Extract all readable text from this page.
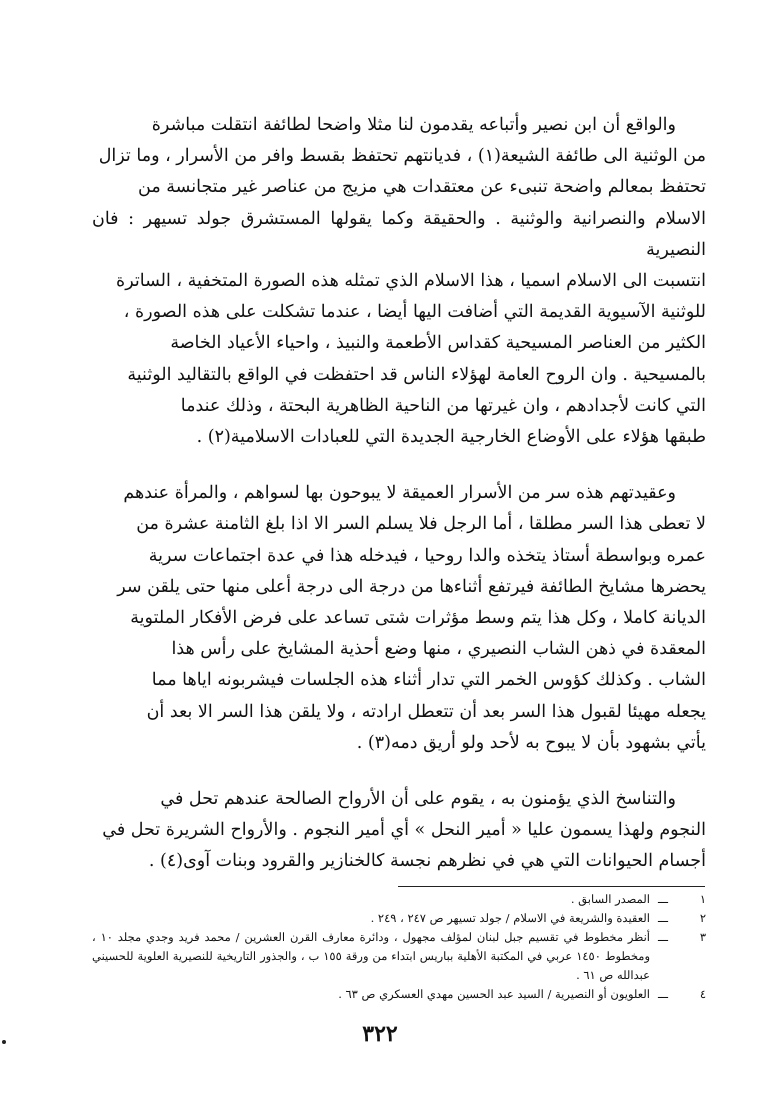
والواقع أن ابن نصير وأتباعه يقدمون لنا مثلا واضحا لطائفة انتقلت مباشرة

من الوثنية الى طائفة الشيعة(١) ، فديانتهم تحتفظ بقسط وافر من الأسرار ، وما تزال

تحتفظ بمعالم واضحة تنبىء عن معتقدات هي مزيج من عناصر غير متجانسة من

الاسلام والنصرانية والوثنية . والحقيقة وكما يقولها المستشرق جولد تسيهر : فان النصيرية

انتسبت الى الاسلام اسميا ، هذا الاسلام الذي تمثله هذه الصورة المتخفية ، الساترة

للوثنية الآسيوية القديمة التي أضافت اليها أيضا ، عندما تشكلت على هذه الصورة ،

الكثير من العناصر المسيحية كقداس الأطعمة والنبيذ ، واحياء الأعياد الخاصة

بالمسيحية . وان الروح العامة لهؤلاء الناس قد احتفظت في الواقع بالتقاليد الوثنية

التي كانت لأجدادهم ، وان غيرتها من الناحية الظاهرية البحتة ، وذلك عندما

طبقها هؤلاء على الأوضاع الخارجية الجديدة التي للعبادات الاسلامية(٢) .

وعقيدتهم هذه سر من الأسرار العميقة لا يبوحون بها لسواهم ، والمرأة عندهم

لا تعطى هذا السر مطلقا ، أما الرجل فلا يسلم السر الا اذا بلغ الثامنة عشرة من

عمره وبواسطة أستاذ يتخذه والدا روحيا ، فيدخله هذا في عدة اجتماعات سرية

يحضرها مشايخ الطائفة فيرتفع أثناءها من درجة الى درجة أعلى منها حتى يلقن سر

الديانة كاملا ، وكل هذا يتم وسط مؤثرات شتى تساعد على فرض الأفكار الملتوية

المعقدة في ذهن الشاب النصيري ، منها وضع أحذية المشايخ على رأس هذا

الشاب . وكذلك كؤوس الخمر التي تدار أثناء هذه الجلسات فيشربونه اياها مما

يجعله مهيئا لقبول هذا السر بعد أن تتعطل ارادته ، ولا يلقن هذا السر الا بعد أن

يأتي بشهود بأن لا يبوح به لأحد ولو أريق دمه(٣) .

والتناسخ الذي يؤمنون به ، يقوم على أن الأرواح الصالحة عندهم تحل في

النجوم ولهذا يسمون عليا « أمير النحل » أي أمير النجوم . والأرواح الشريرة تحل في

أجسام الحيوانات التي هي في نظرهم نجسة كالخنازير والقرود وبنات آوى(٤) .

١
ـــ
المصدر السابق .
٢
ـــ
العقيدة والشريعة في الاسلام / جولد تسيهر ص ٢٤٧ ، ٢٤٩ .
٣
ـــ
أنظر مخطوط في تقسيم جبل لبنان لمؤلف مجهول ، ودائرة معارف القرن العشرين / محمد فريد وجدي مجلد ١٠ ، ومخطوط ١٤٥٠ عربي في المكتبة الأهلية بباريس ابتداء من ورقة ١٥٥ ب ، والجذور التاريخية للنصيرية العلوية للحسيني عبدالله ص ٦١ .
٤
ـــ
العلويون أو النصيرية / السيد عبد الحسين مهدي العسكري ص ٦٣ .
٣٢٢
